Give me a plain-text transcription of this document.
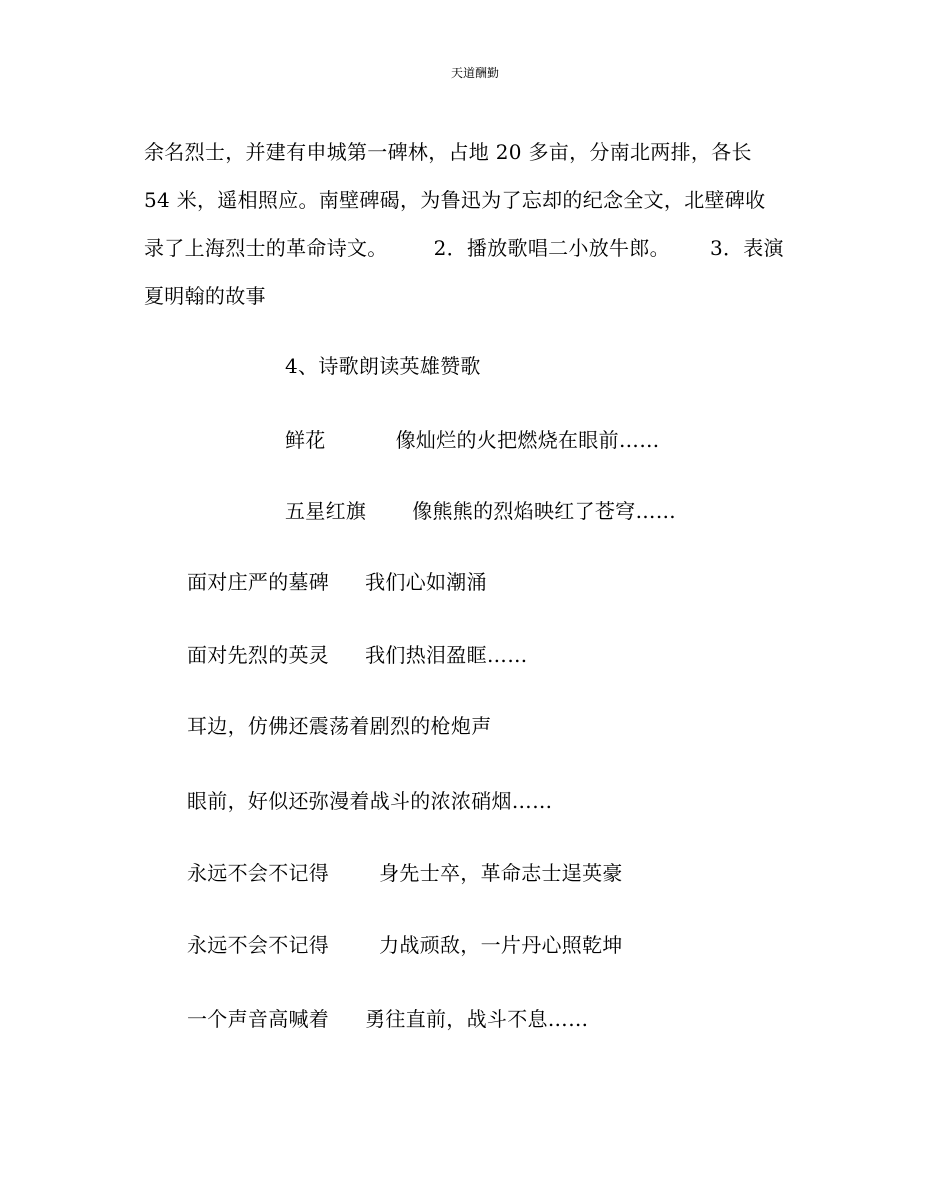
天道酬勤
余名烈士，并建有申城第一碑林，占地 20 多亩，分南北两排，各长
54 米，遥相照应。南壁碑碣，为鲁迅为了忘却的纪念全文，北壁碑收
录了上海烈士的革命诗文。 2．播放歌唱二小放牛郎。 3．表演
夏明翰的故事
4、诗歌朗读英雄赞歌
鲜花	像灿烂的火把燃烧在眼前……
五星红旗 像熊熊的烈焰映红了苍穹……
面对庄严的墓碑 我们心如潮涌
面对先烈的英灵 我们热泪盈眶……
耳边，仿佛还震荡着剧烈的枪炮声
眼前，好似还弥漫着战斗的浓浓硝烟……
永远不会不记得	身先士卒，革命志士逞英豪
永远不会不记得	力战顽敌，一片丹心照乾坤
一个声音高喊着 勇往直前，战斗不息……
